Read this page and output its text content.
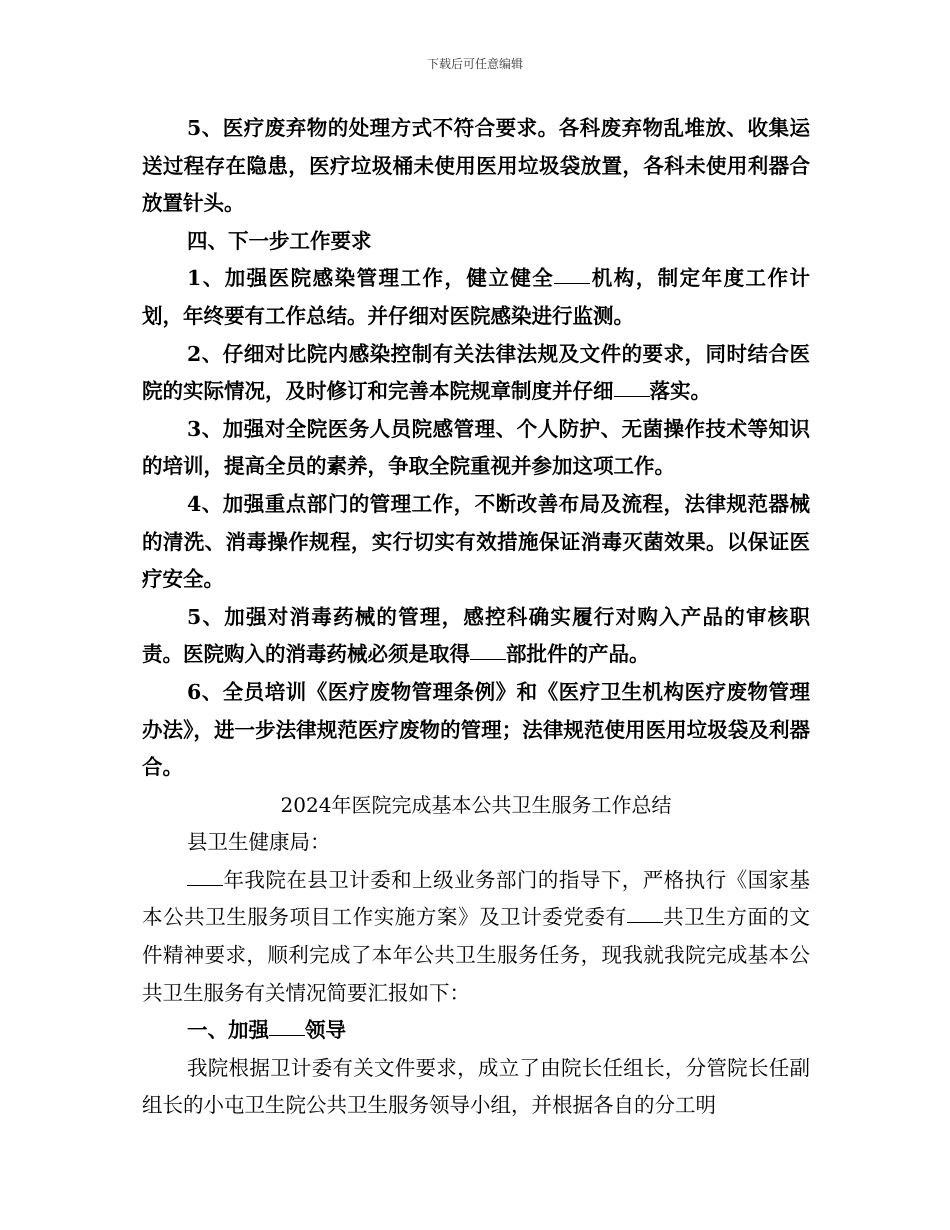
下载后可任意编辑

5、医疗废弃物的处理方式不符合要求。各科废弃物乱堆放、收集运送过程存在隐患，医疗垃圾桶未使用医用垃圾袋放置，各科未使用利器合放置针头。

四、下一步工作要求

1、加强医院感染管理工作，健立健全 机构，制定年度工作计划，年终要有工作总结。并仔细对医院感染进行监测。

2、仔细对比院内感染控制有关法律法规及文件的要求，同时结合医院的实际情况，及时修订和完善本院规章制度并仔细 落实。

3、加强对全院医务人员院感管理、个人防护、无菌操作技术等知识的培训，提高全员的素养，争取全院重视并参加这项工作。

4、加强重点部门的管理工作，不断改善布局及流程，法律规范器械的清洗、消毒操作规程，实行切实有效措施保证消毒灭菌效果。以保证医疗安全。

5、加强对消毒药械的管理，感控科确实履行对购入产品的审核职责。医院购入的消毒药械必须是取得 部批件的产品。

6、全员培训《医疗废物管理条例》和《医疗卫生机构医疗废物管理办法》，进一步法律规范医疗废物的管理；法律规范使用医用垃圾袋及利器合。

2024年医院完成基本公共卫生服务工作总结

县卫生健康局：

年我院在县卫计委和上级业务部门的指导下，严格执行《国家基本公共卫生服务项目工作实施方案》及卫计委党委有 共卫生方面的文件精神要求，顺利完成了本年公共卫生服务任务，现我就我院完成基本公共卫生服务有关情况简要汇报如下：

一、加强 领导

我院根据卫计委有关文件要求，成立了由院长任组长，分管院长任副组长的小屯卫生院公共卫生服务领导小组，并根据各自的分工明
